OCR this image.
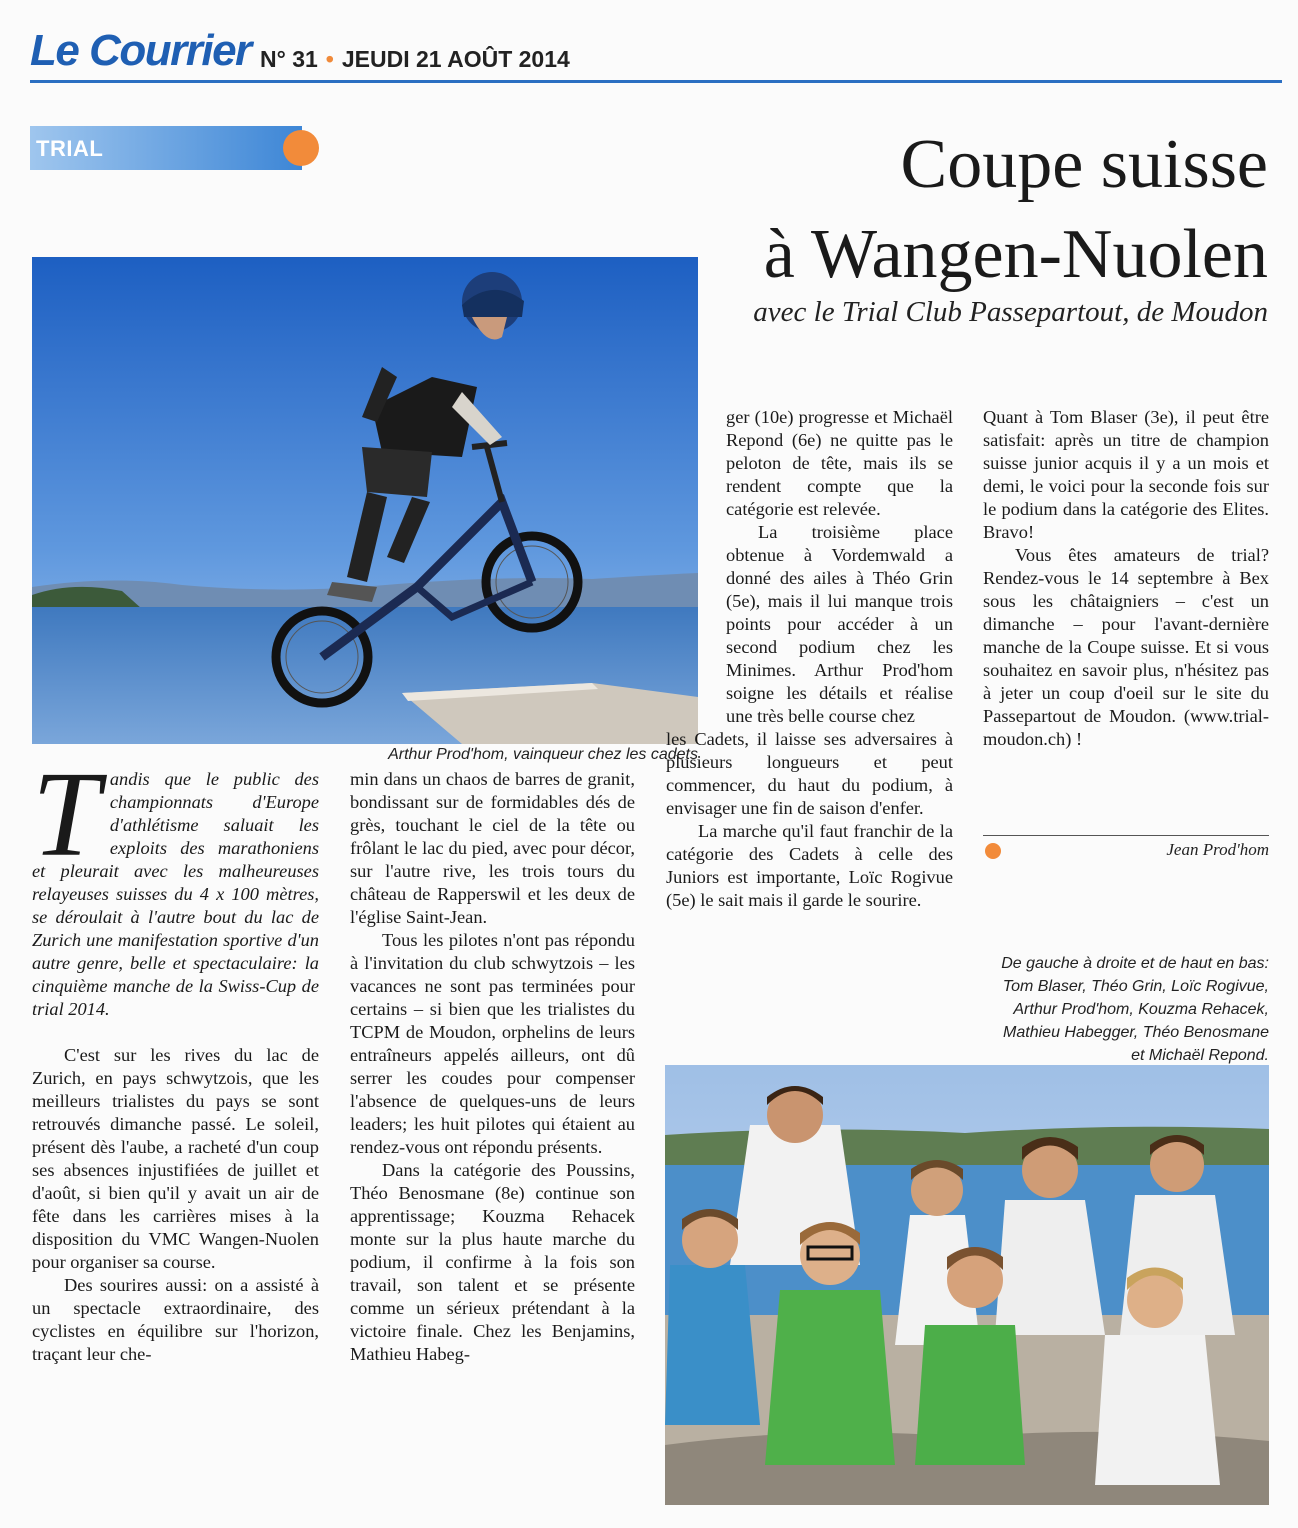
Le Courrier N° 31 • JEUDI 21 AOÛT 2014
TRIAL	Coupe suisse
à Wangen-Nuolen
avec le Trial Club Passepartout, de Moudon
Arthur Prod'hom, vainqueur chez les cadets

Tandis que le public des championnats d'Europe d'athlétisme saluait les exploits des marathoniens et pleurait avec les malheureuses relayeuses suisses du 4 x 100 mètres, se déroulait à l'autre bout du lac de Zurich une manifestation sportive d'un autre genre, belle et spectaculaire: la cinquième manche de la Swiss-Cup de trial 2014.

C'est sur les rives du lac de Zurich, en pays schwytzois, que les meilleurs trialistes du pays se sont retrouvés dimanche passé. Le soleil, présent dès l'aube, a racheté d'un coup ses absences injustifiées de juillet et d'août, si bien qu'il y avait un air de fête dans les carrières mises à la disposition du VMC Wangen-Nuolen pour organiser sa course.

Des sourires aussi: on a assisté à un spectacle extraordinaire, des cyclistes en équilibre sur l'horizon, traçant leur che-

min dans un chaos de barres de granit, bondissant sur de formidables dés de grès, touchant le ciel de la tête ou frôlant le lac du pied, avec pour décor, sur l'autre rive, les trois tours du château de Rapperswil et les deux de l'église Saint-Jean.

Tous les pilotes n'ont pas répondu à l'invitation du club schwytzois – les vacances ne sont pas terminées pour certains – si bien que les trialistes du TCPM de Moudon, orphelins de leurs entraîneurs appelés ailleurs, ont dû serrer les coudes pour compenser l'absence de quelques-uns de leurs leaders; les huit pilotes qui étaient au rendez-vous ont répondu présents.

Dans la catégorie des Poussins, Théo Benosmane (8e) continue son apprentissage; Kouzma Rehacek monte sur la plus haute marche du podium, il confirme à la fois son travail, son talent et se présente comme un sérieux prétendant à la victoire finale. Chez les Benjamins, Mathieu Habeg-

ger (10e) progresse et Michaël Repond (6e) ne quitte pas le peloton de tête, mais ils se rendent compte que la catégorie est relevée.

La troisième place obtenue à Vordemwald a donné des ailes à Théo Grin (5e), mais il lui manque trois points pour accéder à un second podium chez les Minimes. Arthur Prod'hom soigne les détails et réalise une très belle course chez

les Cadets, il laisse ses adversaires à plusieurs longueurs et peut commencer, du haut du podium, à envisager une fin de saison d'enfer.

La marche qu'il faut franchir de la catégorie des Cadets à celle des Juniors est importante, Loïc Rogivue (5e) le sait mais il garde le sourire.

Quant à Tom Blaser (3e), il peut être satisfait: après un titre de champion suisse junior acquis il y a un mois et demi, le voici pour la seconde fois sur le podium dans la catégorie des Elites. Bravo!

Vous êtes amateurs de trial? Rendez-vous le 14 septembre à Bex sous les châtaigniers – c'est un dimanche – pour l'avant-dernière manche de la Coupe suisse. Et si vous souhaitez en savoir plus, n'hésitez pas à jeter un coup d'oeil sur le site du Passepartout de Moudon. (www.trial-moudon.ch) !

Jean Prod'hom
De gauche à droite et de haut en bas:
Tom Blaser, Théo Grin, Loïc Rogivue,
Arthur Prod'hom, Kouzma Rehacek,
Mathieu Habegger, Théo Benosmane
et Michaël Repond.
